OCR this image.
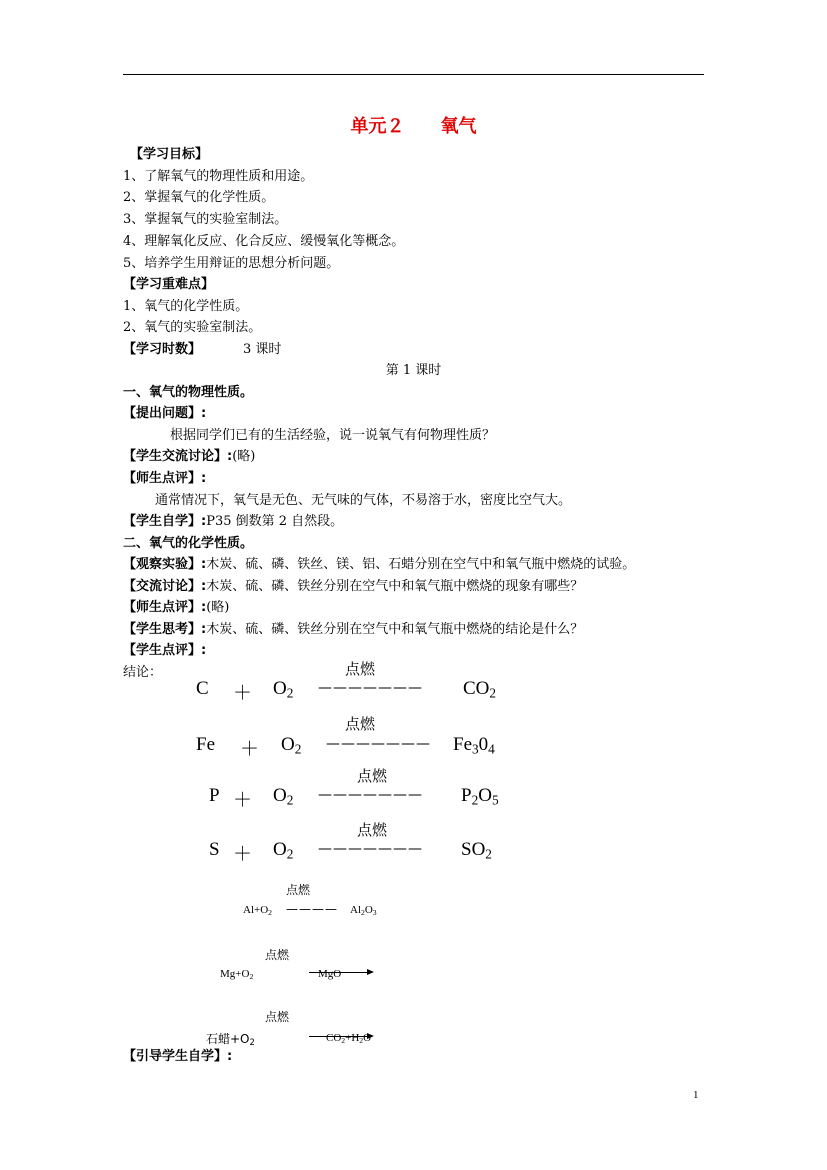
单元２　　氧气
【学习目标】
1、了解氧气的物理性质和用途。
2、掌握氧气的化学性质。
3、掌握氧气的实验室制法。
4、理解氧化反应、化合反应、缓慢氧化等概念。
5、培养学生用辩证的思想分析问题。
【学习重难点】
1、氧气的化学性质。
2、氧气的实验室制法。
【学习时数】	3 课时
第 1 课时
一、氧气的物理性质。
【提出问题】:
根据同学们已有的生活经验，说一说氧气有何物理性质？
【学生交流讨论】:(略)
【师生点评】:
通常情况下，氧气是无色、无气味的气体，不易溶于水，密度比空气大。
【学生自学】:P35 倒数第 2 自然段。
二、氧气的化学性质。
【观察实验】:木炭、硫、磷、铁丝、镁、铝、石蜡分别在空气中和氧气瓶中燃烧的试验。
【交流讨论】:木炭、硫、磷、铁丝分别在空气中和氧气瓶中燃烧的现象有哪些？
【师生点评】:(略)
【学生思考】:木炭、硫、磷、铁丝分别在空气中和氧气瓶中燃烧的结论是什么？
【学生点评】:
结论：	点燃
$C + O_2$ ——————— $CO_2$
点燃
$Fe + O_2$ ——————— $Fe_30_4$
点燃
$P + O_2$ ——————— $P_2O_5$
点燃
$S + O_2$ ——————— $SO_2$
点燃
$Al+O_2$ ———— $Al_2O_3$
点燃
$Mg+O_2$	MgO
点燃
石蜡$+O_2$	$CO_2+H_2O$
【引导学生自学】:
1
